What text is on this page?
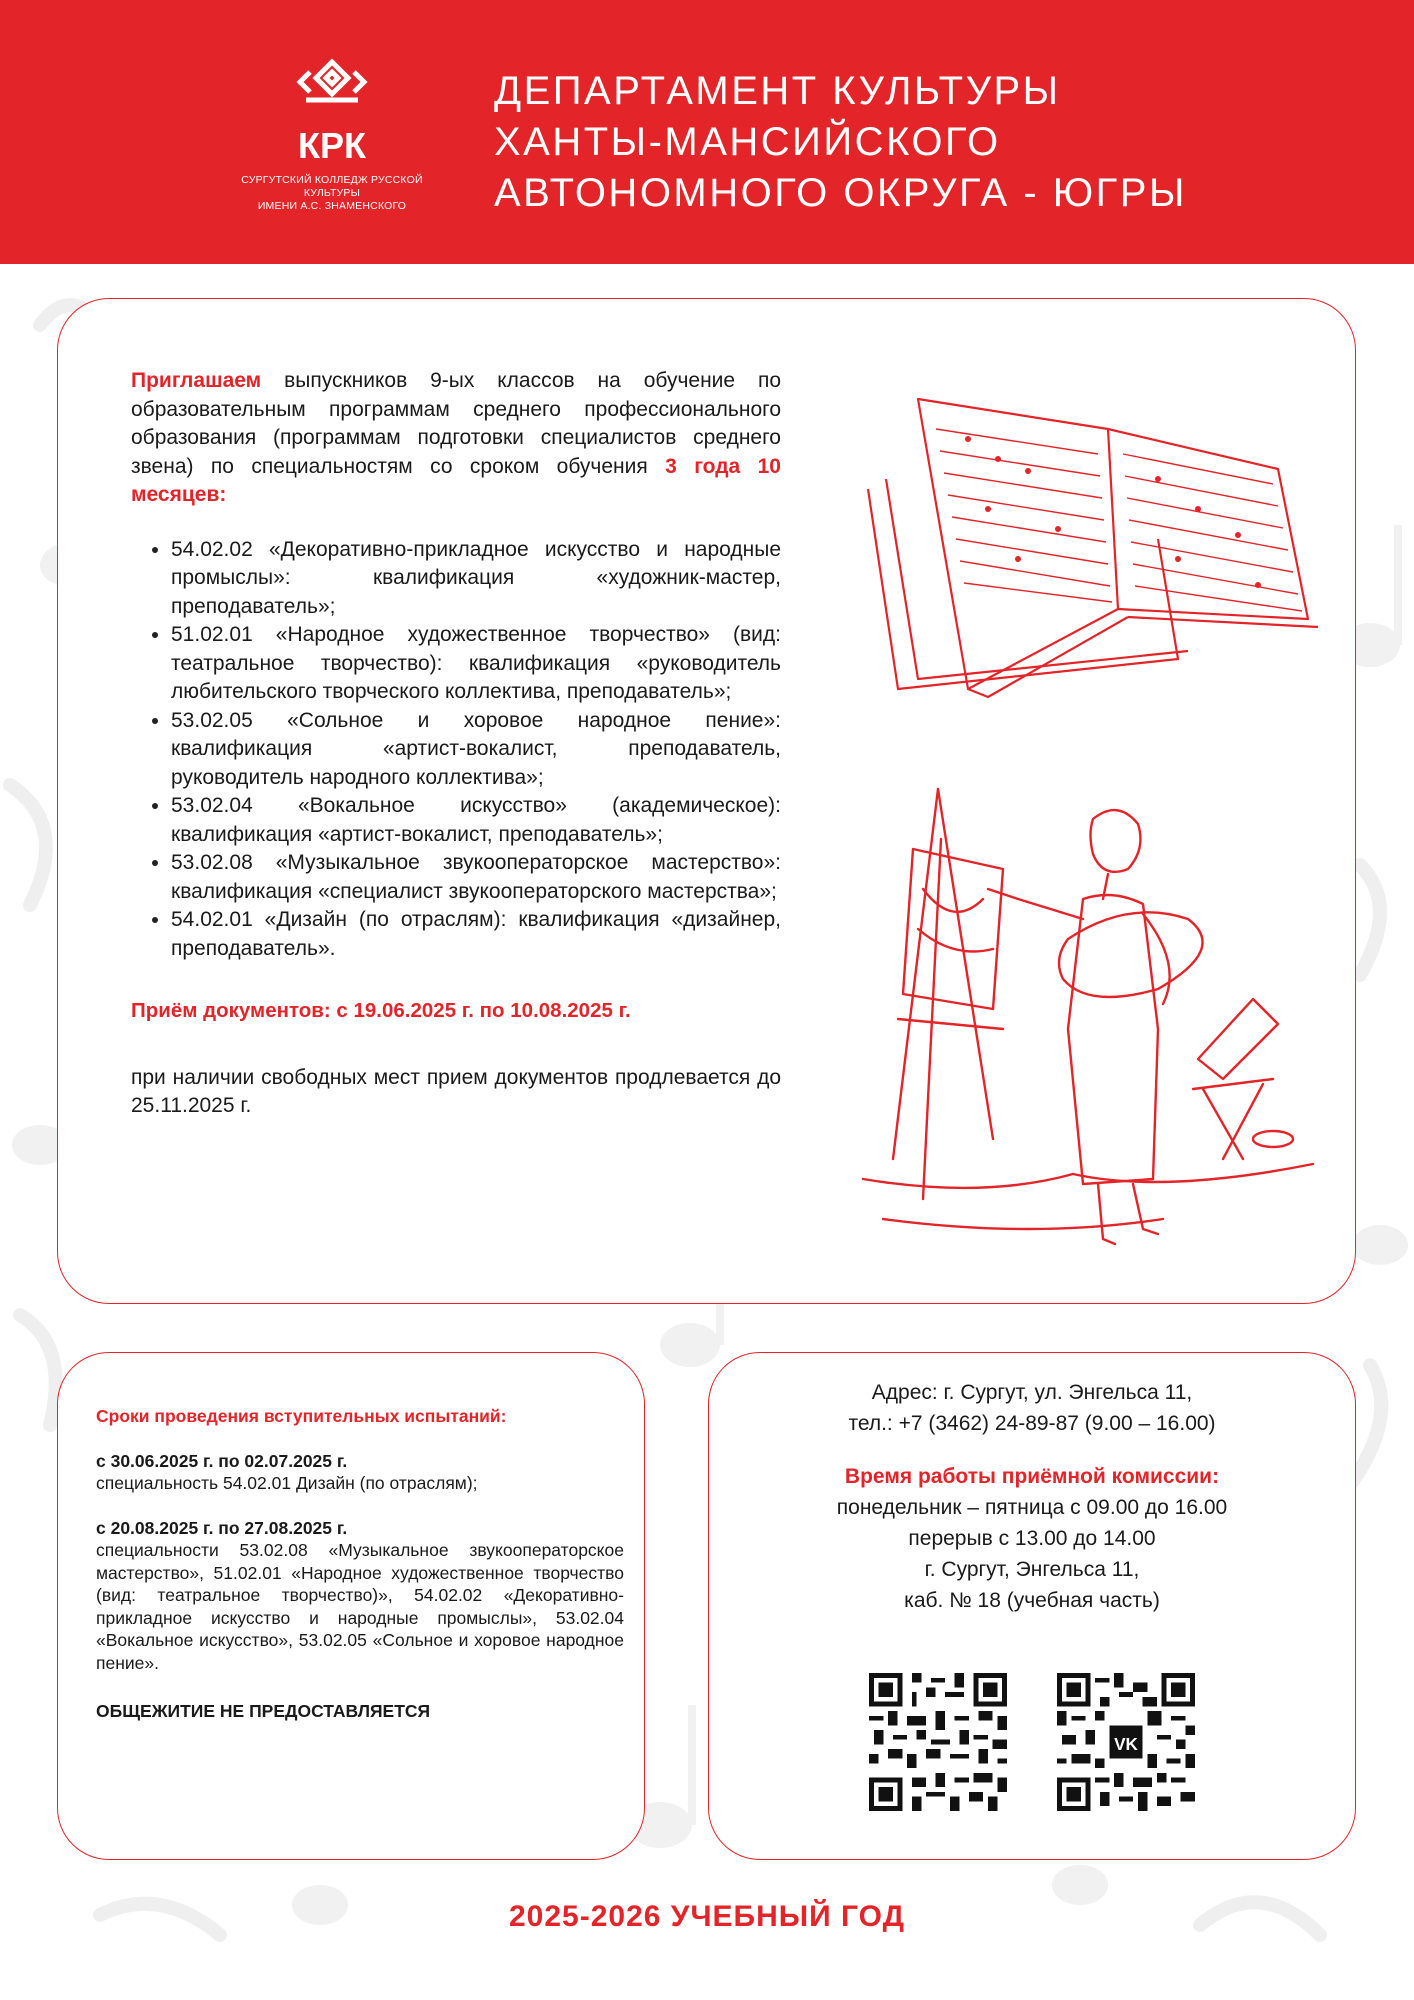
КРК
СУРГУТСКИЙ КОЛЛЕДЖ РУССКОЙ КУЛЬТУРЫ
ИМЕНИ А.С. ЗНАМЕНСКОГО
ДЕПАРТАМЕНТ КУЛЬТУРЫ
ХАНТЫ-МАНСИЙСКОГО
АВТОНОМНОГО ОКРУГА - ЮГРЫ
Приглашаем выпускников 9-ых классов на обучение по образовательным программам среднего профессионального образования (программам подготовки специалистов среднего звена) по специальностям со сроком обучения 3 года 10 месяцев:
• 54.02.02 «Декоративно-прикладное искусство и народные промыслы»: квалификация «художник-мастер, преподаватель»;
• 51.02.01 «Народное художественное творчество» (вид: театральное творчество): квалификация «руководитель любительского творческого коллектива, преподаватель»;
• 53.02.05 «Сольное и хоровое народное пение»: квалификация «артист-вокалист, преподаватель, руководитель народного коллектива»;
• 53.02.04 «Вокальное искусство» (академическое): квалификация «артист-вокалист, преподаватель»;
• 53.02.08 «Музыкальное звукооператорское мастерство»: квалификация «специалист звукооператорского мастерства»;
• 54.02.01 «Дизайн (по отраслям): квалификация «дизайнер, преподаватель».
Приём документов: с 19.06.2025 г. по 10.08.2025 г.
при наличии свободных мест прием документов продлевается до 25.11.2025 г.
Сроки проведения вступительных испытаний:
с 30.06.2025 г. по 02.07.2025 г.
специальность 54.02.01 Дизайн (по отраслям);
с 20.08.2025 г. по 27.08.2025 г.
специальности 53.02.08 «Музыкальное звукооператорское мастерство», 51.02.01 «Народное художественное творчество (вид: театральное творчество)», 54.02.02 «Декоративно-прикладное искусство и народные промыслы», 53.02.04 «Вокальное искусство», 53.02.05 «Сольное и хоровое народное пение».
ОБЩЕЖИТИЕ НЕ ПРЕДОСТАВЛЯЕТСЯ
Адрес: г. Сургут, ул. Энгельса 11,
тел.: +7 (3462) 24-89-87 (9.00 – 16.00)
Время работы приёмной комиссии:
понедельник – пятница с 09.00 до 16.00
перерыв с 13.00 до 14.00
г. Сургут, Энгельса 11,
каб. № 18 (учебная часть)
VK
2025-2026 УЧЕБНЫЙ ГОД
